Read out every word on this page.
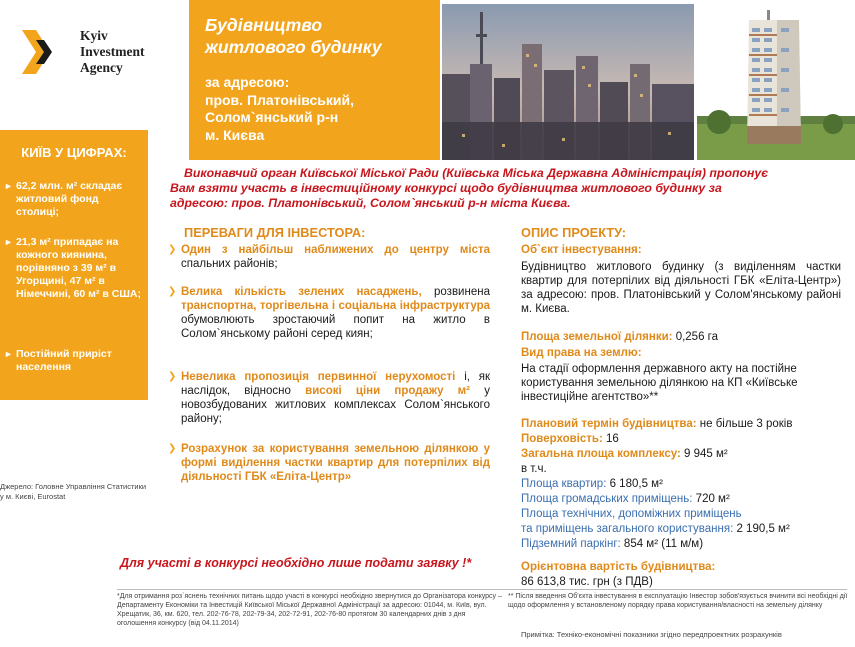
Kyiv
Investment
Agency
Будівництво
житлового будинку
за адресою:
пров. Платонівський,
Солом`янський р-н
м. Києва
КИЇВ У ЦИФРАХ:
► 62,2 млн. м² складає житловий фонд столиці;
► 21,3 м² припадає на кожного киянина, порівняно з 39 м² в Угорщині, 47 м² в Німеччині, 60 м² в США;
► Постійний приріст населення
Джерело: Головне Управління Статистики у м. Києві, Eurostat
Виконавчий орган Київської Міської Ради (Київська Міська Державна Адміністрація) пропонує
Вам взяти участь в інвестиційному конкурсі щодо будівництва житлового будинку за
адресою: пров. Платонівський, Солом`янський р-н міста Києва.
ПЕРЕВАГИ ДЛЯ ІНВЕСТОРА:
❯ Один з найбільш наближених до центру міста спальних районів;
❯ Велика кількість зелених насаджень, розвинена транспортна, торгівельна і соціальна інфраструктура обумовлюють зростаючий попит на житло в Солом`янському районі серед киян;
❯ Невелика пропозиція первинної нерухомості і, як наслідок, відносно високі ціни продажу м² у новозбудованих житлових комплексах Солом`янського району;
❯ Розрахунок за користування земельною ділянкою у формі виділення частки квартир для потерпілих від діяльності ГБК «Еліта-Центр»
ОПИС ПРОЕКТУ:
Об`єкт інвестування:
Будівництво житлового будинку (з виділенням частки квартир для потерпілих від діяльності ГБК «Еліта-Центр») за адресою: пров. Платонівський у Солом'янському районі м. Києва.
Площа земельної ділянки: 0,256 га
Вид права на землю:
На стадії оформлення державного акту на постійне користування земельною ділянкою на КП «Київське інвестиційне агентство»**
Плановий термін будівництва: не більше 3 років
Поверховість: 16
Загальна площа комплексу: 9 945 м²
в т.ч.
Площа квартир: 6 180,5 м²
Площа громадських приміщень: 720 м²
Площа технічних, допоміжних приміщень
та приміщень загального користування: 2 190,5 м²
Підземний паркінг: 854 м² (11 м/м)
Орієнтовна вартість будівництва:
86 613,8 тис. грн (з ПДВ)
Для участі в конкурсі необхідно лише подати заявку !*
*Для отримання роз`яснень технічних питань щодо участі в конкурсі необхідно звернутися до Організатора конкурсу – Департаменту Економіки та Інвестицій Київської Міської Державної Адміністрації за адресою: 01044, м. Київ, вул. Хрещатик, 36, км. 620, тел. 202-76-78, 202-79-34, 202-72-91, 202-76-80 протягом 30 календарних днів з дня оголошення конкурсу (від 04.11.2014)
** Після введення Об'єкта інвестування в експлуатацію Інвестор зобов'язується вчинити всі необхідні дії щодо оформлення у встановленому порядку права користування/власності на земельну ділянку
Примітка: Техніко-економічні показники згідно передпроектних розрахунків
